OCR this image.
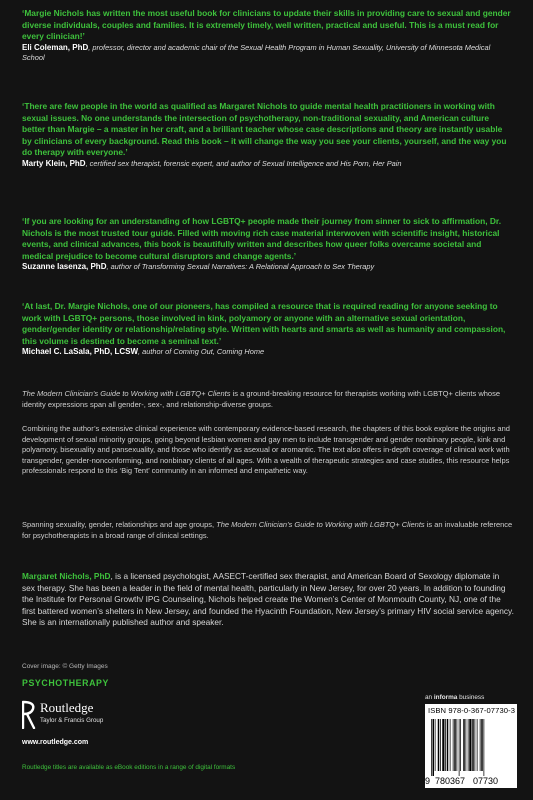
‘Margie Nichols has written the most useful book for clinicians to update their skills in providing care to sexual and gender diverse individuals, couples and families. It is extremely timely, well written, practical and useful. This is a must read for every clinician!’

Eli Coleman, PhD, professor, director and academic chair of the Sexual Health Program in Human Sexuality, University of Minnesota Medical School

‘There are few people in the world as qualified as Margaret Nichols to guide mental health practitioners in working with sexual issues. No one understands the intersection of psychotherapy, non-traditional sexuality, and American culture better than Margie – a master in her craft, and a brilliant teacher whose case descriptions and theory are instantly usable by clinicians of every background. Read this book – it will change the way you see your clients, yourself, and the way you do therapy with everyone.’

Marty Klein, PhD, certified sex therapist, forensic expert, and author of Sexual Intelligence and His Porn, Her Pain

‘If you are looking for an understanding of how LGBTQ+ people made their journey from sinner to sick to affirmation, Dr. Nichols is the most trusted tour guide. Filled with moving rich case material interwoven with scientific insight, historical events, and clinical advances, this book is beautifully written and describes how queer folks overcame societal and medical prejudice to become cultural disruptors and change agents.’

Suzanne Iasenza, PhD, author of Transforming Sexual Narratives: A Relational Approach to Sex Therapy

‘At last, Dr. Margie Nichols, one of our pioneers, has compiled a resource that is required reading for anyone seeking to work with LGBTQ+ persons, those involved in kink, polyamory or anyone with an alternative sexual orientation, gender/gender identity or relationship/relating style. Written with hearts and smarts as well as humanity and compassion, this volume is destined to become a seminal text.’

Michael C. LaSala, PhD, LCSW, author of Coming Out, Coming Home

The Modern Clinician’s Guide to Working with LGBTQ+ Clients is a ground-breaking resource for therapists working with LGBTQ+ clients whose identity expressions span all gender-, sex-, and relationship-diverse groups.

Combining the author’s extensive clinical experience with contemporary evidence-based research, the chapters of this book explore the origins and development of sexual minority groups, going beyond lesbian women and gay men to include transgender and gender nonbinary people, kink and polyamory, bisexuality and pansexuality, and those who identify as asexual or aromantic. The text also offers in-depth coverage of clinical work with transgender, gender-nonconforming, and nonbinary clients of all ages. With a wealth of therapeutic strategies and case studies, this resource helps professionals respond to this ‘Big Tent’ community in an informed and empathetic way.

Spanning sexuality, gender, relationships and age groups, The Modern Clinician’s Guide to Working with LGBTQ+ Clients is an invaluable reference for psychotherapists in a broad range of clinical settings.

Margaret Nichols, PhD, is a licensed psychologist, AASECT-certified sex therapist, and American Board of Sexology diplomate in sex therapy. She has been a leader in the field of mental health, particularly in New Jersey, for over 20 years. In addition to founding the Institute for Personal Growth/ IPG Counseling, Nichols helped create the Women’s Center of Monmouth County, NJ, one of the first battered women’s shelters in New Jersey, and founded the Hyacinth Foundation, New Jersey’s primary HIV social service agency. She is an internationally published author and speaker.

Cover image: © Getty Images
PSYCHOTHERAPY
Routledge
Taylor & Francis Group
www.routledge.com
Routledge titles are available as eBook editions in a range of digital formats
an informa business
ISBN 978-0-367-07730-3
9 780367 07730
